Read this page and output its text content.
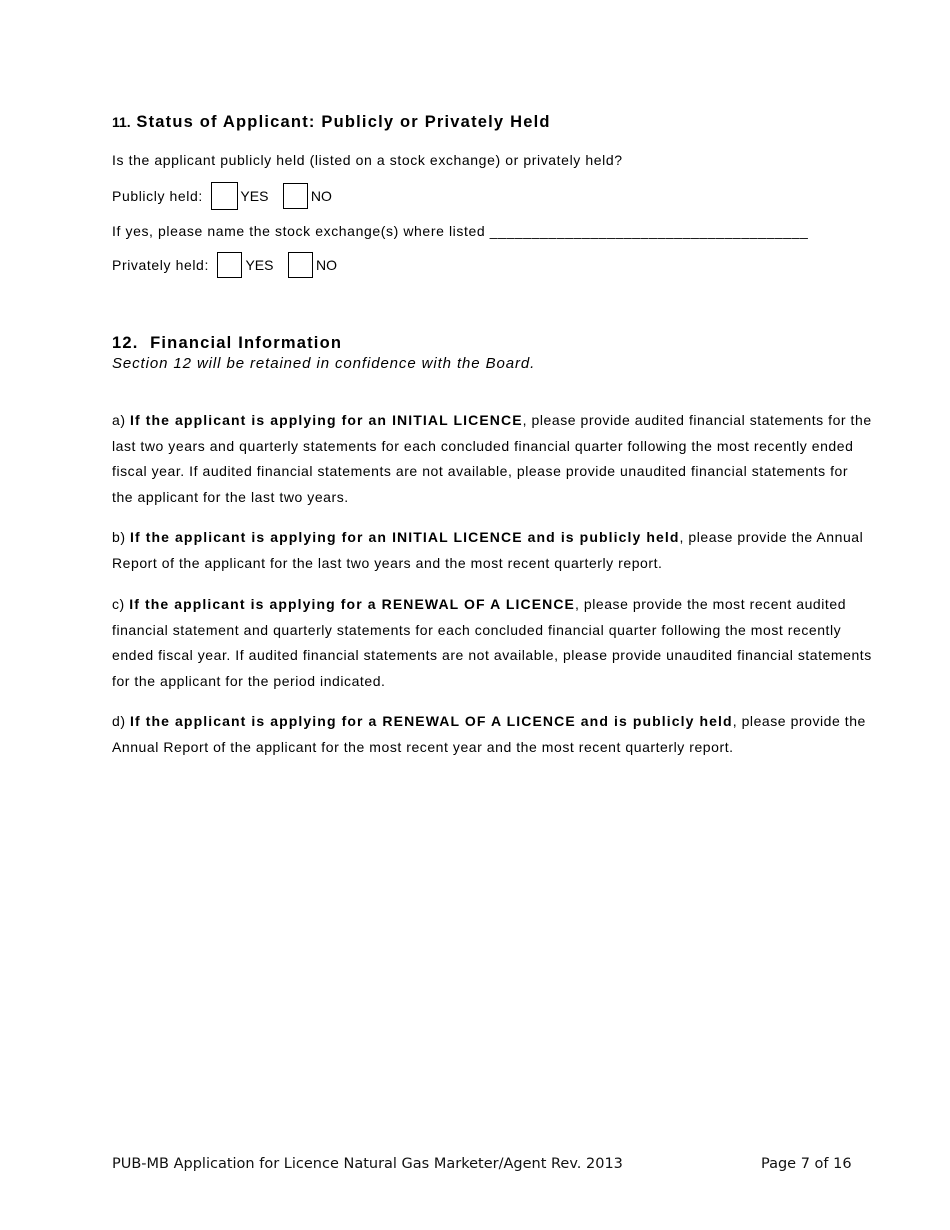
11. Status of Applicant: Publicly or Privately Held
Is the applicant publicly held (listed on a stock exchange) or privately held?
Publicly held:	YES	NO
If yes, please name the stock exchange(s) where listed ______________________________________
Privately held:	YES	NO
12.  Financial Information
Section 12 will be retained in confidence with the Board.

a) If the applicant is applying for an INITIAL LICENCE, please provide audited financial statements for the last two years and quarterly statements for each concluded financial quarter following the most recently ended fiscal year. If audited financial statements are not available, please provide unaudited financial statements for the applicant for the last two years.

b) If the applicant is applying for an INITIAL LICENCE and is publicly held, please provide the Annual Report of the applicant for the last two years and the most recent quarterly report.

c) If the applicant is applying for a RENEWAL OF A LICENCE, please provide the most recent audited financial statement and quarterly statements for each concluded financial quarter following the most recently ended fiscal year. If audited financial statements are not available, please provide unaudited financial statements for the applicant for the period indicated.

d) If the applicant is applying for a RENEWAL OF A LICENCE and is publicly held, please provide the Annual Report of the applicant for the most recent year and the most recent quarterly report.

PUB-MB Application for Licence Natural Gas Marketer/Agent Rev. 2013	Page 7 of 16
